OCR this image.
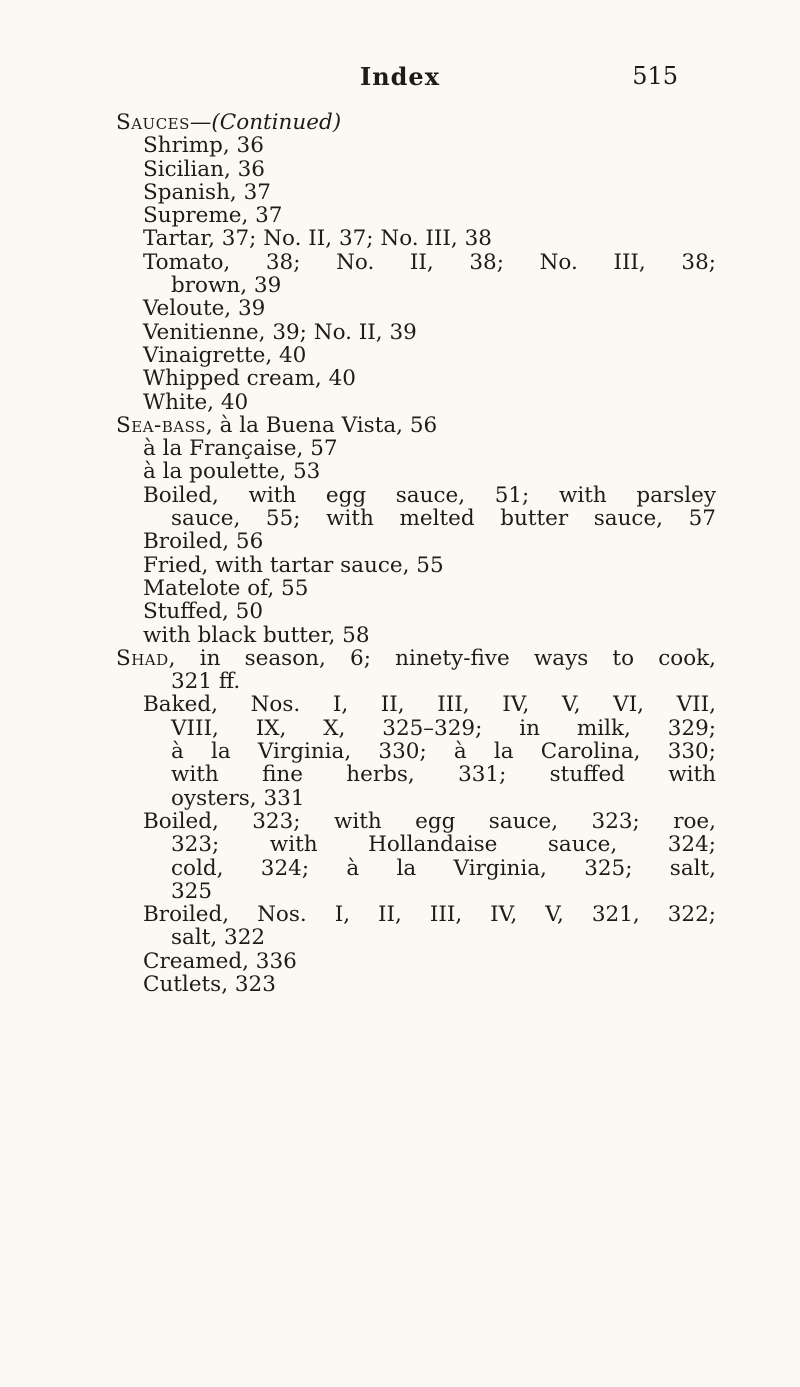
Index	515
Sauces—(Continued)
Shrimp, 36
Sicilian, 36
Spanish, 37
Supreme, 37
Tartar, 37; No. II, 37; No. III, 38
Tomato, 38; No. II, 38; No. III, 38;
brown, 39
Veloute, 39
Venitienne, 39; No. II, 39
Vinaigrette, 40
Whipped cream, 40
White, 40
Sea-bass, à la Buena Vista, 56
à la Française, 57
à la poulette, 53
Boiled, with egg sauce, 51; with parsley
sauce, 55; with melted butter sauce, 57
Broiled, 56
Fried, with tartar sauce, 55
Matelote of, 55
Stuffed, 50
with black butter, 58
Shad, in season, 6; ninety-five ways to cook,
321 ff.
Baked, Nos. I, II, III, IV, V, VI, VII,
VIII, IX, X, 325–329; in milk, 329;
à la Virginia, 330; à la Carolina, 330;
with fine herbs, 331; stuffed with
oysters, 331
Boiled, 323; with egg sauce, 323; roe,
323; with Hollandaise sauce, 324;
cold, 324; à la Virginia, 325; salt,
325
Broiled, Nos. I, II, III, IV, V, 321, 322;
salt, 322
Creamed, 336
Cutlets, 323
